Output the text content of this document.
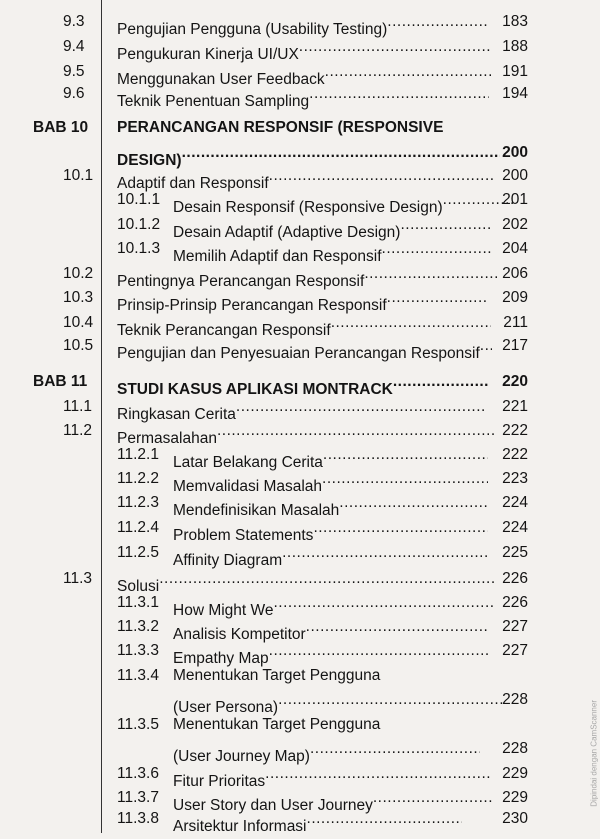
9.3	Pengujian Pengguna (Usability Testing) .....	183
9.4	Pengukuran Kinerja UI/UX .....	188
9.5	Menggunakan User Feedback .....	191
9.6	Teknik Penentuan Sampling .....	194
BAB 10	PERANCANGAN RESPONSIF (RESPONSIVE
DESIGN) .....	200
10.1	Adaptif dan Responsif .....	200
10.1.1 Desain Responsif (Responsive Design) .....	201
10.1.2 Desain Adaptif (Adaptive Design) .....	202
10.1.3 Memilih Adaptif dan Responsif .....	204
10.2	Pentingnya Perancangan Responsif .....	206
10.3	Prinsip-Prinsip Perancangan Responsif .....	209
10.4	Teknik Perancangan Responsif .....	211
10.5	Pengujian dan Penyesuaian Perancangan Responsif .....	217
BAB 11	STUDI KASUS APLIKASI MONTRACK .....	220
11.1	Ringkasan Cerita .....	221
11.2	Permasalahan .....	222
11.2.1 Latar Belakang Cerita .....	222
11.2.2 Memvalidasi Masalah .....	223
11.2.3 Mendefinisikan Masalah .....	224
11.2.4 Problem Statements .....	224
11.2.5 Affinity Diagram .....	225
11.3	Solusi .....	226
11.3.1 How Might We .....	226
11.3.2 Analisis Kompetitor .....	227
11.3.3 Empathy Map .....	227
11.3.4 Menentukan Target Pengguna
(User Persona) .....	228
11.3.5 Menentukan Target Pengguna
(User Journey Map) .....	228
11.3.6 Fitur Prioritas .....	229
11.3.7 User Story dan User Journey .....	229
11.3.8 Arsitektur Informasi .....	230
Dipindai dengan CamScanner
